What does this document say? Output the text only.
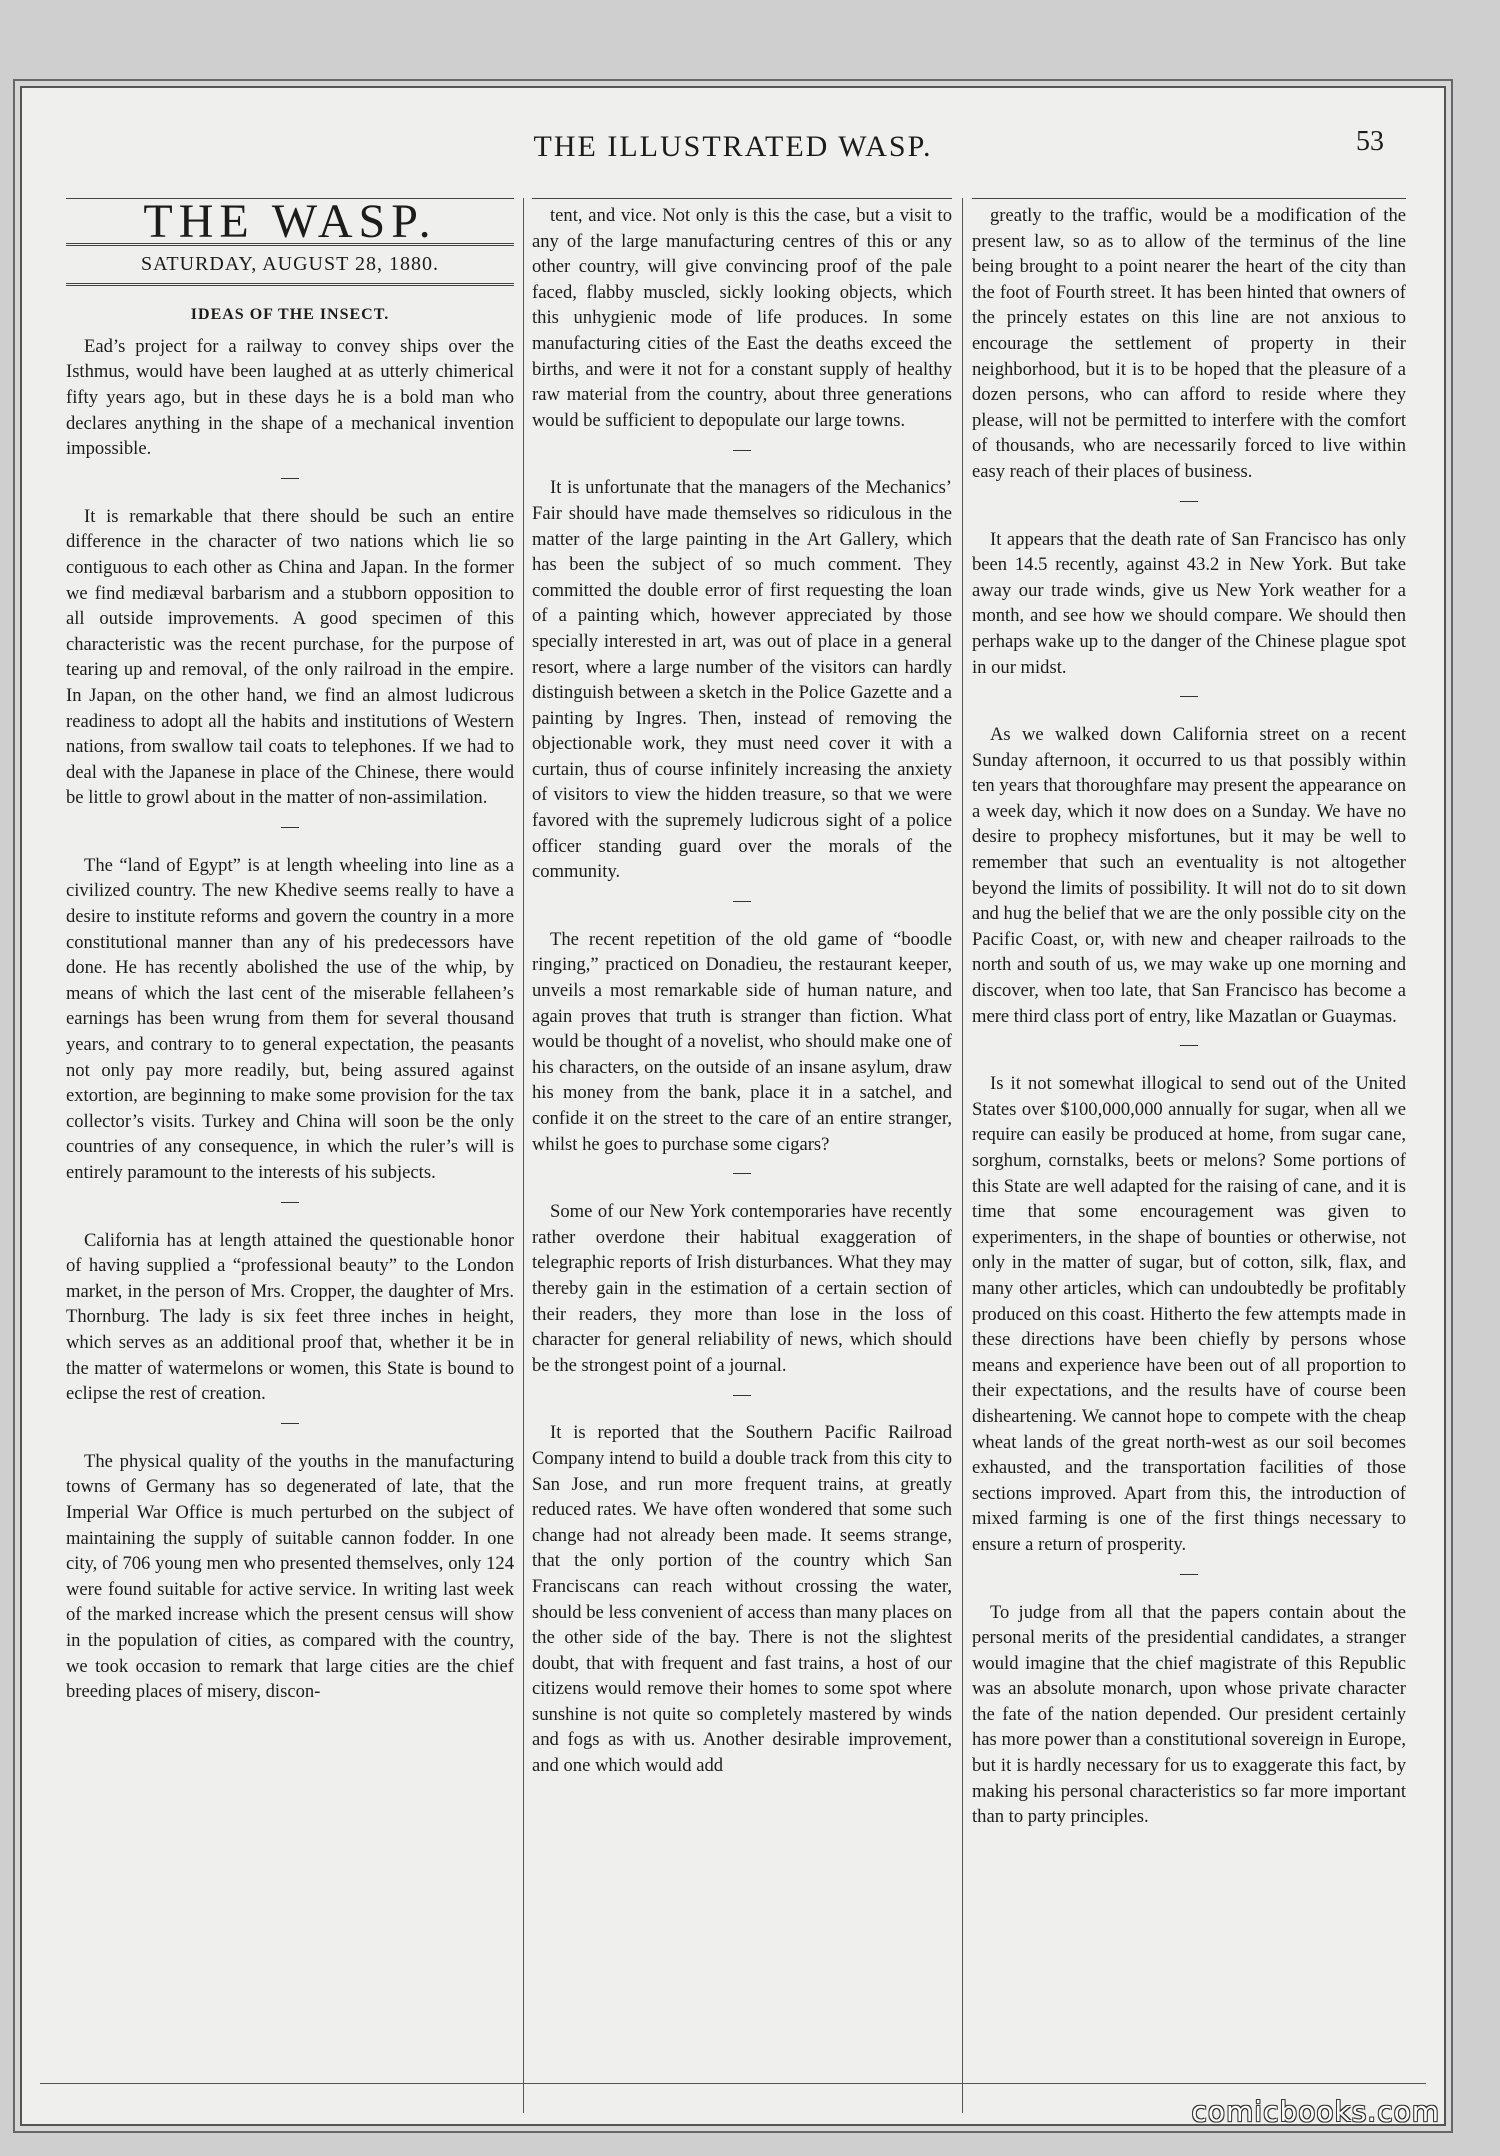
THE ILLUSTRATED WASP.	53
THE WASP.
SATURDAY, AUGUST 28, 1880.
IDEAS OF THE INSECT.

Ead’s project for a railway to convey ships over the Isthmus, would have been laughed at as utterly chimerical fifty years ago, but in these days he is a bold man who declares anything in the shape of a mechanical invention impossible.

It is remarkable that there should be such an entire difference in the character of two nations which lie so contiguous to each other as China and Japan. In the former we find mediæval barbarism and a stubborn opposition to all outside improvements. A good specimen of this characteristic was the recent purchase, for the purpose of tearing up and removal, of the only railroad in the empire. In Japan, on the other hand, we find an almost ludicrous readiness to adopt all the habits and institutions of Western nations, from swallow tail coats to telephones. If we had to deal with the Japanese in place of the Chinese, there would be little to growl about in the matter of non-assimilation.

The “land of Egypt” is at length wheeling into line as a civilized country. The new Khedive seems really to have a desire to institute reforms and govern the country in a more constitutional manner than any of his predecessors have done. He has recently abolished the use of the whip, by means of which the last cent of the miserable fellaheen’s earnings has been wrung from them for several thousand years, and contrary to to general expectation, the peasants not only pay more readily, but, being assured against extortion, are beginning to make some provision for the tax collector’s visits. Turkey and China will soon be the only countries of any consequence, in which the ruler’s will is entirely paramount to the interests of his subjects.

California has at length attained the questionable honor of having supplied a “professional beauty” to the London market, in the person of Mrs. Cropper, the daughter of Mrs. Thornburg. The lady is six feet three inches in height, which serves as an additional proof that, whether it be in the matter of watermelons or women, this State is bound to eclipse the rest of creation.

The physical quality of the youths in the manufacturing towns of Germany has so degenerated of late, that the Imperial War Office is much perturbed on the subject of maintaining the supply of suitable cannon fodder. In one city, of 706 young men who presented themselves, only 124 were found suitable for active service. In writing last week of the marked increase which the present census will show in the population of cities, as compared with the country, we took occasion to remark that large cities are the chief breeding places of misery, discon-

tent, and vice. Not only is this the case, but a visit to any of the large manufacturing centres of this or any other country, will give convincing proof of the pale faced, flabby muscled, sickly looking objects, which this unhygienic mode of life produces. In some manufacturing cities of the East the deaths exceed the births, and were it not for a constant supply of healthy raw material from the country, about three generations would be sufficient to depopulate our large towns.

It is unfortunate that the managers of the Mechanics’ Fair should have made themselves so ridiculous in the matter of the large painting in the Art Gallery, which has been the subject of so much comment. They committed the double error of first requesting the loan of a painting which, however appreciated by those specially interested in art, was out of place in a general resort, where a large number of the visitors can hardly distinguish between a sketch in the Police Gazette and a painting by Ingres. Then, instead of removing the objectionable work, they must need cover it with a curtain, thus of course infinitely increasing the anxiety of visitors to view the hidden treasure, so that we were favored with the supremely ludicrous sight of a police officer standing guard over the morals of the community.

The recent repetition of the old game of “boodle ringing,” practiced on Donadieu, the restaurant keeper, unveils a most remarkable side of human nature, and again proves that truth is stranger than fiction. What would be thought of a novelist, who should make one of his characters, on the outside of an insane asylum, draw his money from the bank, place it in a satchel, and confide it on the street to the care of an entire stranger, whilst he goes to purchase some cigars?

Some of our New York contemporaries have recently rather overdone their habitual exaggeration of telegraphic reports of Irish disturbances. What they may thereby gain in the estimation of a certain section of their readers, they more than lose in the loss of character for general reliability of news, which should be the strongest point of a journal.

It is reported that the Southern Pacific Railroad Company intend to build a double track from this city to San Jose, and run more frequent trains, at greatly reduced rates. We have often wondered that some such change had not already been made. It seems strange, that the only portion of the country which San Franciscans can reach without crossing the water, should be less convenient of access than many places on the other side of the bay. There is not the slightest doubt, that with frequent and fast trains, a host of our citizens would remove their homes to some spot where sunshine is not quite so completely mastered by winds and fogs as with us. Another desirable improvement, and one which would add

greatly to the traffic, would be a modification of the present law, so as to allow of the terminus of the line being brought to a point nearer the heart of the city than the foot of Fourth street. It has been hinted that owners of the princely estates on this line are not anxious to encourage the settlement of property in their neighborhood, but it is to be hoped that the pleasure of a dozen persons, who can afford to reside where they please, will not be permitted to interfere with the comfort of thousands, who are necessarily forced to live within easy reach of their places of business.

It appears that the death rate of San Francisco has only been 14.5 recently, against 43.2 in New York. But take away our trade winds, give us New York weather for a month, and see how we should compare. We should then perhaps wake up to the danger of the Chinese plague spot in our midst.

As we walked down California street on a recent Sunday afternoon, it occurred to us that possibly within ten years that thoroughfare may present the appearance on a week day, which it now does on a Sunday. We have no desire to prophecy misfortunes, but it may be well to remember that such an eventuality is not altogether beyond the limits of possibility. It will not do to sit down and hug the belief that we are the only possible city on the Pacific Coast, or, with new and cheaper railroads to the north and south of us, we may wake up one morning and discover, when too late, that San Francisco has become a mere third class port of entry, like Mazatlan or Guaymas.

Is it not somewhat illogical to send out of the United States over $100,000,000 annually for sugar, when all we require can easily be produced at home, from sugar cane, sorghum, cornstalks, beets or melons? Some portions of this State are well adapted for the raising of cane, and it is time that some encouragement was given to experimenters, in the shape of bounties or otherwise, not only in the matter of sugar, but of cotton, silk, flax, and many other articles, which can undoubtedly be profitably produced on this coast. Hitherto the few attempts made in these directions have been chiefly by persons whose means and experience have been out of all proportion to their expectations, and the results have of course been disheartening. We cannot hope to compete with the cheap wheat lands of the great north-west as our soil becomes exhausted, and the transportation facilities of those sections improved. Apart from this, the introduction of mixed farming is one of the first things necessary to ensure a return of prosperity.

To judge from all that the papers contain about the personal merits of the presidential candidates, a stranger would imagine that the chief magistrate of this Republic was an absolute monarch, upon whose private character the fate of the nation depended. Our president certainly has more power than a constitutional sovereign in Europe, but it is hardly necessary for us to exaggerate this fact, by making his personal characteristics so far more important than to party principles.

comicbooks.com
